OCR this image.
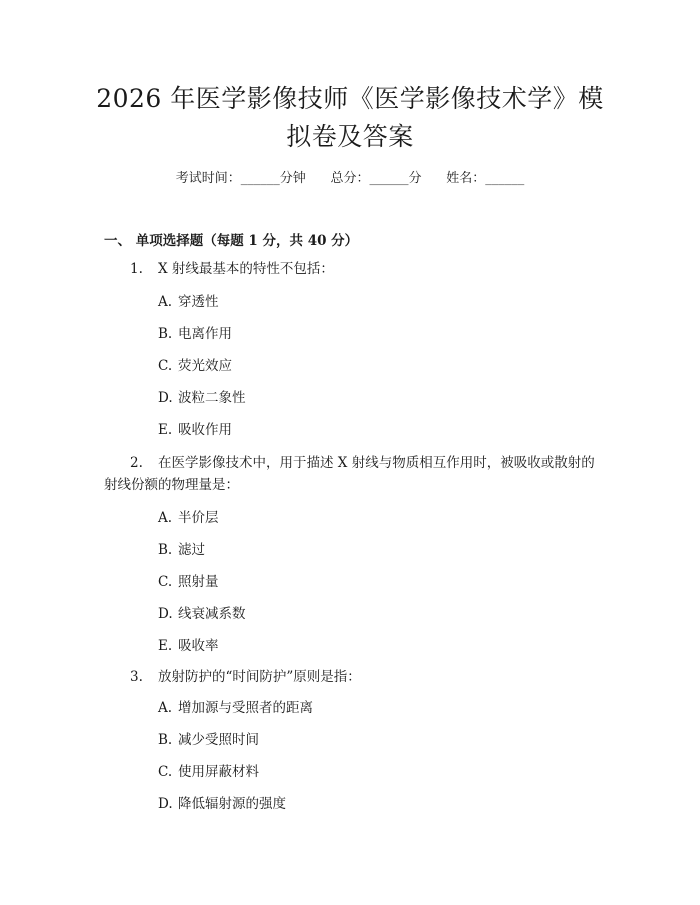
2026 年医学影像技师《医学影像技术学》模
拟卷及答案
考试时间：______分钟      总分：______分      姓名：______
一、 单项选择题（每题 1 分，共 40 分）
1. X 射线最基本的特性不包括：
A. 穿透性
B. 电离作用
C. 荧光效应
D. 波粒二象性
E. 吸收作用
2. 在医学影像技术中，用于描述 X 射线与物质相互作用时，被吸收或散射的
射线份额的物理量是：
A. 半价层
B. 滤过
C. 照射量
D. 线衰减系数
E. 吸收率
3. 放射防护的“时间防护”原则是指：
A. 增加源与受照者的距离
B. 减少受照时间
C. 使用屏蔽材料
D. 降低辐射源的强度
